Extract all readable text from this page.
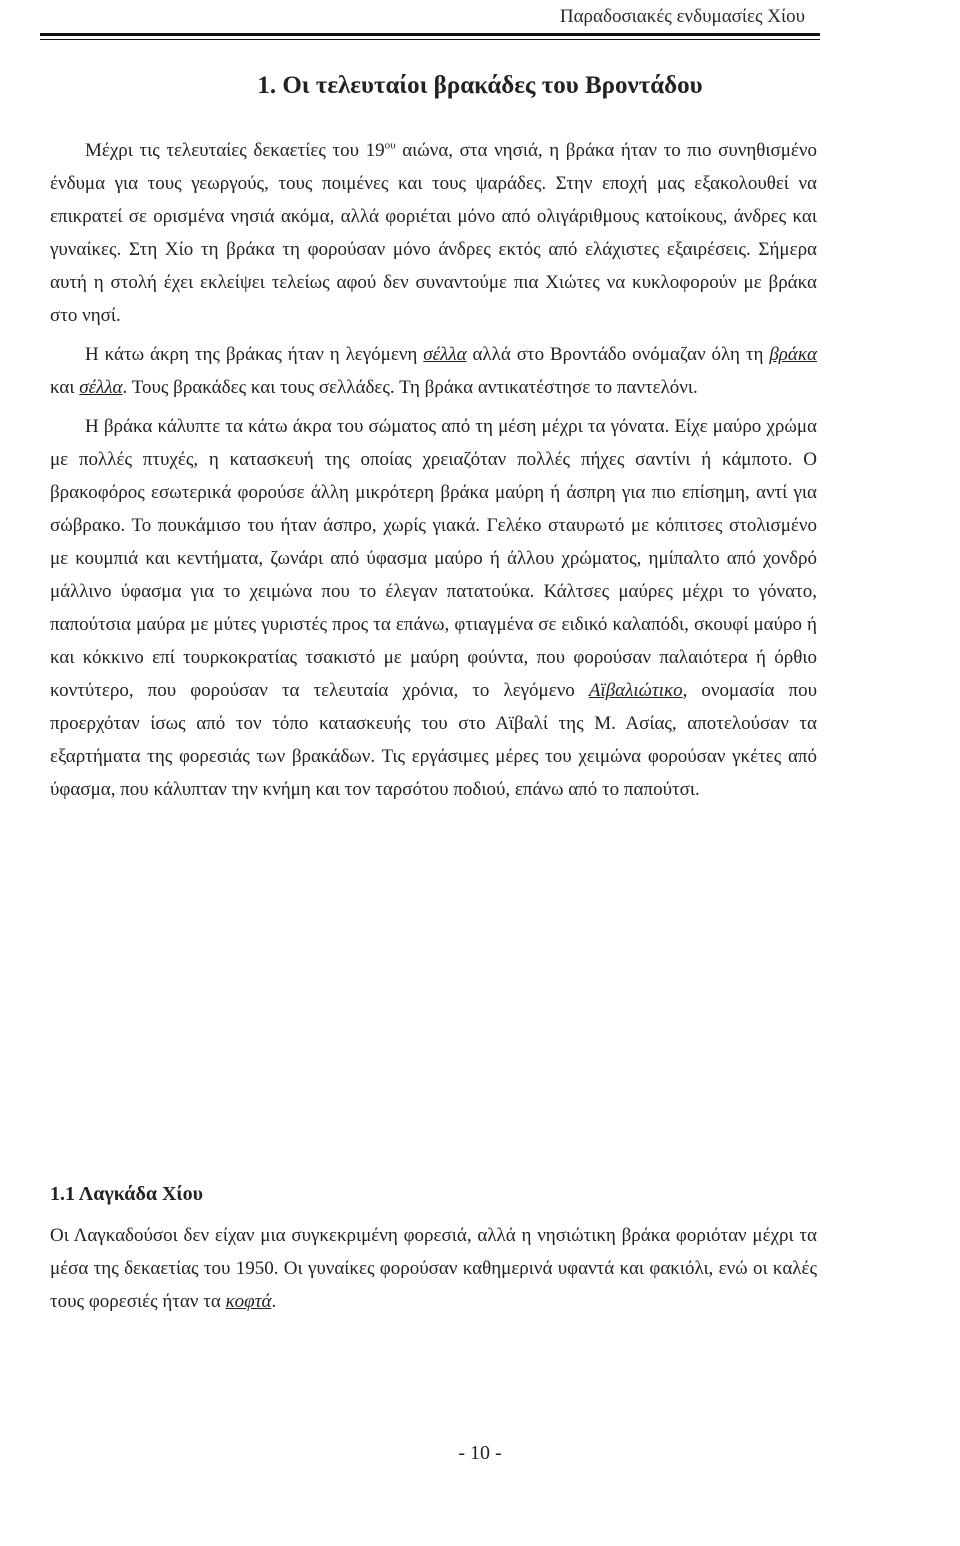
Παραδοσιακές ενδυμασίες Χίου
1. Οι τελευταίοι βρακάδες του Βροντάδου

Μέχρι τις τελευταίες δεκαετίες του $19^{o\upsilon}$ αιώνα, στα νησιά, η βράκα ήταν το πιο συνηθισμένο ένδυμα για τους γεωργούς, τους ποιμένες και τους ψαράδες. Στην εποχή μας εξακολουθεί να επικρατεί σε ορισμένα νησιά ακόμα, αλλά φοριέται μόνο από ολιγάριθμους κατοίκους, άνδρες και γυναίκες. Στη Χίο τη βράκα τη φορούσαν μόνο άνδρες εκτός από ελάχιστες εξαιρέσεις. Σήμερα αυτή η στολή έχει εκλείψει τελείως αφού δεν συναντούμε πια Χιώτες να κυκλοφορούν με βράκα στο νησί.

Η κάτω άκρη της βράκας ήταν η λεγόμενη σέλλα αλλά στο Βροντάδο ονόμαζαν όλη τη βράκα και σέλλα. Τους βρακάδες και τους σελλάδες. Τη βράκα αντικατέστησε το παντελόνι.

Η βράκα κάλυπτε τα κάτω άκρα του σώματος από τη μέση μέχρι τα γόνατα. Είχε μαύρο χρώμα με πολλές πτυχές, η κατασκευή της οποίας χρειαζόταν πολλές πήχες σαντίνι ή κάμποτο. Ο βρακοφόρος εσωτερικά φορούσε άλλη μικρότερη βράκα μαύρη ή άσπρη για πιο επίσημη, αντί για σώβρακο. Το πουκάμισο του ήταν άσπρο, χωρίς γιακά. Γελέκο σταυρωτό με κόπιτσες στολισμένο με κουμπιά και κεντήματα, ζωνάρι από ύφασμα μαύρο ή άλλου χρώματος, ημίπαλτο από χονδρό μάλλινο ύφασμα για το χειμώνα που το έλεγαν πατατούκα. Κάλτσες μαύρες μέχρι το γόνατο, παπούτσια μαύρα με μύτες γυριστές προς τα επάνω, φτιαγμένα σε ειδικό καλαπόδι, σκουφί μαύρο ή και κόκκινο επί τουρκοκρατίας τσακιστό με μαύρη φούντα, που φορούσαν παλαιότερα ή όρθιο κοντύτερο, που φορούσαν τα τελευταία χρόνια, το λεγόμενο Αϊβαλιώτικο, ονομασία που προερχόταν ίσως από τον τόπο κατασκευής του στο Αϊβαλί της Μ. Ασίας, αποτελούσαν τα εξαρτήματα της φορεσιάς των βρακάδων. Τις εργάσιμες μέρες του χειμώνα φορούσαν γκέτες από ύφασμα, που κάλυπταν την κνήμη και τον ταρσότου ποδιού, επάνω από το παπούτσι.

1.1 Λαγκάδα Χίου

Οι Λαγκαδούσοι δεν είχαν μια συγκεκριμένη φορεσιά, αλλά η νησιώτικη βράκα φοριόταν μέχρι τα μέσα της δεκαετίας του 1950. Οι γυναίκες φορούσαν καθημερινά υφαντά και φακιόλι, ενώ οι καλές τους φορεσιές ήταν τα κοφτά.

- 10 -
